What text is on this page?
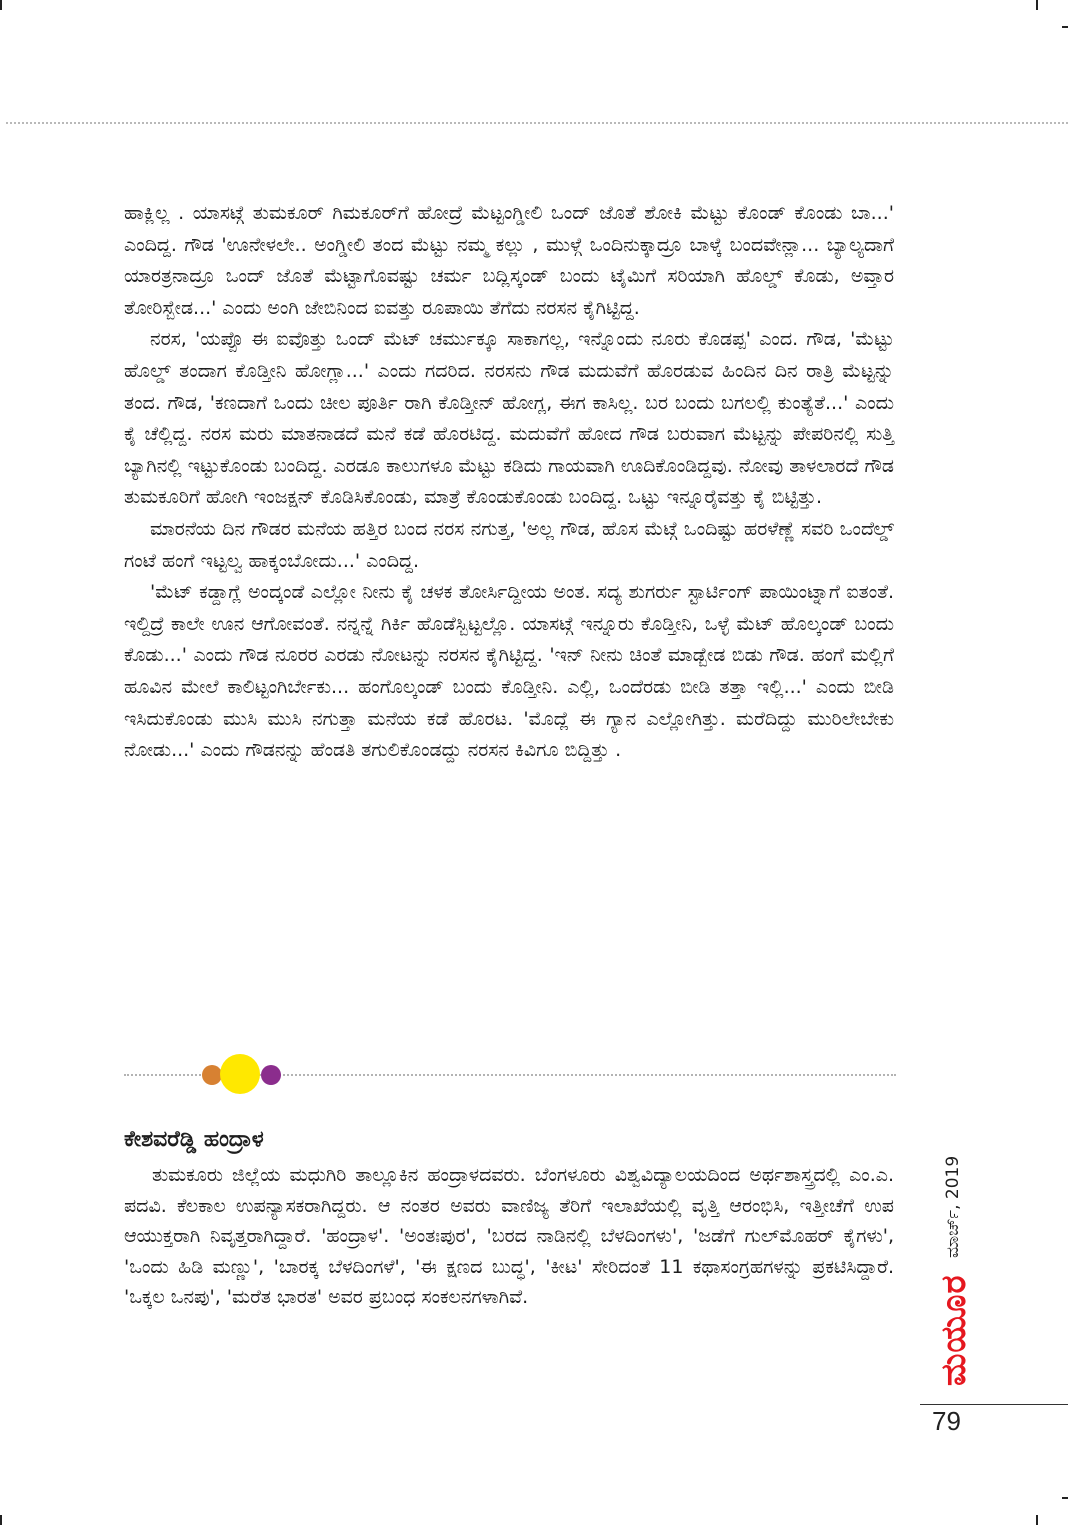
ಹಾಕ್ಲಿಲ್ಲ . ಯಾಸಟ್ಗೆ ತುಮಕೂರ್ ಗಿಮಕೂರ್‌ಗೆ ಹೋದ್ರೆ ಮೆಟ್ಟಂಗ್ಡೀಲಿ ಒಂದ್ ಜೊತೆ ಶೋಕಿ ಮೆಟ್ಟು ಕೊಂಡ್ ಕೊಂಡು ಬಾ...' ಎಂದಿದ್ದ. ಗೌಡ 'ಊನೇಳಲೇ.. ಅಂಗ್ಡೀಲಿ ತಂದ ಮೆಟ್ಟು ನಮ್ಮ ಕಲ್ಲು , ಮುಳ್ಗೆ ಒಂದಿನುಕ್ಕಾದ್ರೂ ಬಾಳ್ಕೆ ಬಂದವೇನ್ಲಾ... ಬ್ಯಾಲ್ಯದಾಗೆ ಯಾರತ್ರನಾದ್ರೂ ಒಂದ್ ಜೊತೆ ಮೆಟ್ಟಾಗೊವಷ್ಟು ಚರ್ಮ ಬದ್ಲಿಸ್ಕಂಡ್ ಬಂದು ಟೈಮಿಗೆ ಸರಿಯಾಗಿ ಹೊಲ್ಡ್ ಕೊಡು, ಅವ್ತಾರ ತೋರಿಸ್ಬೇಡ...' ಎಂದು ಅಂಗಿ ಜೇಬಿನಿಂದ ಐವತ್ತು ರೂಪಾಯಿ ತೆಗೆದು ನರಸನ ಕೈಗಿಟ್ಟಿದ್ದ.

ನರಸ, 'ಯಪ್ಪೊ ಈ ಐವೊತ್ತು ಒಂದ್ ಮೆಟ್ ಚರ್ಮುಕ್ಕೂ ಸಾಕಾಗಲ್ಲ, ಇನ್ನೊಂದು ನೂರು ಕೊಡಪ್ಪ' ಎಂದ. ಗೌಡ, 'ಮೆಟ್ಟು ಹೊಲ್ಡ್ ತಂದಾಗ ಕೊಡ್ತೀನಿ ಹೋಗ್ಲಾ...' ಎಂದು ಗದರಿದ. ನರಸನು ಗೌಡ ಮದುವೆಗೆ ಹೊರಡುವ ಹಿಂದಿನ ದಿನ ರಾತ್ರಿ ಮೆಟ್ಟನ್ನು ತಂದ. ಗೌಡ, 'ಕಣದಾಗೆ ಒಂದು ಚೀಲ ಪೂರ್ತಿ ರಾಗಿ ಕೊಡ್ತೀನ್ ಹೋಗ್ಲ, ಈಗ ಕಾಸಿಲ್ಲ. ಬರ ಬಂದು ಬಗಲಲ್ಲಿ ಕುಂತ್ಯೆತೆ...' ಎಂದು ಕೈ ಚೆಲ್ಲಿದ್ದ. ನರಸ ಮರು ಮಾತನಾಡದೆ ಮನೆ ಕಡೆ ಹೊರಟಿದ್ದ. ಮದುವೆಗೆ ಹೋದ ಗೌಡ ಬರುವಾಗ ಮೆಟ್ಟನ್ನು ಪೇಪರಿನಲ್ಲಿ ಸುತ್ತಿ ಬ್ಯಾಗಿನಲ್ಲಿ ಇಟ್ಟುಕೊಂಡು ಬಂದಿದ್ದ. ಎರಡೂ ಕಾಲುಗಳೂ ಮೆಟ್ಟು ಕಡಿದು ಗಾಯವಾಗಿ ಊದಿಕೊಂಡಿದ್ದವು. ನೋವು ತಾಳಲಾರದೆ ಗೌಡ ತುಮಕೂರಿಗೆ ಹೋಗಿ ಇಂಜಕ್ಷನ್ ಕೊಡಿಸಿಕೊಂಡು, ಮಾತ್ರೆ ಕೊಂಡುಕೊಂಡು ಬಂದಿದ್ದ. ಒಟ್ಟು ಇನ್ನೂರೈವತ್ತು ಕೈ ಬಿಟ್ಟಿತ್ತು.

ಮಾರನೆಯ ದಿನ ಗೌಡರ ಮನೆಯ ಹತ್ತಿರ ಬಂದ ನರಸ ನಗುತ್ತ, 'ಅಲ್ಲ ಗೌಡ, ಹೊಸ ಮೆಟ್ಗೆ ಒಂದಿಷ್ಟು ಹರಳೆಣ್ಣೆ ಸವರಿ ಒಂದೆಲ್ಡ್ ಗಂಟೆ ಹಂಗೆ ಇಟ್ಟಲ್ವ ಹಾಕ್ಕಂಬೋದು...' ಎಂದಿದ್ದ.

'ಮೆಟ್ ಕಡ್ದಾಗ್ಲೆ ಅಂದ್ಕಂಡೆ ಎಲ್ಲೋ ನೀನು ಕೈ ಚಳಕ ತೋರ್ಸಿದ್ದೀಯ ಅಂತ. ಸದ್ಯ ಶುಗರ್ರು ಸ್ಟಾರ್ಟಿಂಗ್ ಪಾಯಿಂಟ್ನಾಗೆ ಐತಂತೆ. ಇಲ್ದಿದ್ರೆ ಕಾಲೇ ಊನ ಆಗೋವಂತೆ. ನನ್ನನ್ನೆ ಗಿರ್ಕಿ ಹೊಡೆಸ್ಬಿಟ್ಟಲ್ಲೊ. ಯಾಸಟ್ಗೆ ಇನ್ನೂರು ಕೊಡ್ತೀನಿ, ಒಳ್ಳೆ ಮೆಟ್ ಹೊಲ್ಕಂಡ್ ಬಂದು ಕೊಡು...' ಎಂದು ಗೌಡ ನೂರರ ಎರಡು ನೋಟನ್ನು ನರಸನ ಕೈಗಿಟ್ಟಿದ್ದ. 'ಇನ್ ನೀನು ಚಿಂತೆ ಮಾಡ್ಬೇಡ ಬಿಡು ಗೌಡ. ಹಂಗೆ ಮಲ್ಲಿಗೆ ಹೂವಿನ ಮೇಲೆ ಕಾಲಿಟ್ಟಂಗಿರ್ಬೇಕು... ಹಂಗೊಲ್ಕಂಡ್ ಬಂದು ಕೊಡ್ತೀನಿ. ಎಲ್ಲಿ, ಒಂದೆರಡು ಬೀಡಿ ತತ್ತಾ ಇಲ್ಲಿ...' ಎಂದು ಬೀಡಿ ಇಸಿದುಕೊಂಡು ಮುಸಿ ಮುಸಿ ನಗುತ್ತಾ ಮನೆಯ ಕಡೆ ಹೊರಟ. 'ಮೊದ್ಲೆ ಈ ಗ್ಯಾನ ಎಲ್ಲೋಗಿತ್ತು. ಮರೆದಿದ್ದು ಮುರಿಲೇಬೇಕು ನೋಡು...' ಎಂದು ಗೌಡನನ್ನು ಹೆಂಡತಿ ತಗುಲಿಕೊಂಡದ್ದು ನರಸನ ಕಿವಿಗೂ ಬಿದ್ದಿತ್ತು .

ಕೇಶವರೆಡ್ಡಿ ಹಂದ್ರಾಳ

ತುಮಕೂರು ಜಿಲ್ಲೆಯ ಮಧುಗಿರಿ ತಾಲ್ಲೂಕಿನ ಹಂದ್ರಾಳದವರು. ಬೆಂಗಳೂರು ವಿಶ್ವವಿದ್ಯಾಲಯದಿಂದ ಅರ್ಥಶಾಸ್ತ್ರದಲ್ಲಿ ಎಂ.ಎ. ಪದವಿ. ಕೆಲಕಾಲ ಉಪನ್ಯಾಸಕರಾಗಿದ್ದರು. ಆ ನಂತರ ಅವರು ವಾಣಿಜ್ಯ ತೆರಿಗೆ ಇಲಾಖೆಯಲ್ಲಿ ವೃತ್ತಿ ಆರಂಭಿಸಿ, ಇತ್ತೀಚೆಗೆ ಉಪ ಆಯುಕ್ತರಾಗಿ ನಿವೃತ್ತರಾಗಿದ್ದಾರೆ. 'ಹಂದ್ರಾಳ'. 'ಅಂತಃಪುರ', 'ಬರದ ನಾಡಿನಲ್ಲಿ ಬೆಳದಿಂಗಳು', 'ಜಡೆಗೆ ಗುಲ್‌ಮೊಹರ್ ಕೈಗಳು', 'ಒಂದು ಹಿಡಿ ಮಣ್ಣು', 'ಬಾರಕ್ಕ ಬೆಳದಿಂಗಳೆ', 'ಈ ಕ್ಷಣದ ಬುದ್ಧ', 'ಕೀಟ' ಸೇರಿದಂತೆ 11 ಕಥಾಸಂಗ್ರಹಗಳನ್ನು ಪ್ರಕಟಿಸಿದ್ದಾರೆ. 'ಒಕ್ಕಲ ಒನಪು', 'ಮರೆತ ಭಾರತ' ಅವರ ಪ್ರಬಂಧ ಸಂಕಲನಗಳಾಗಿವೆ.

ಮಾರ್ಚ್, 2019
ಮಯೂರ

79
